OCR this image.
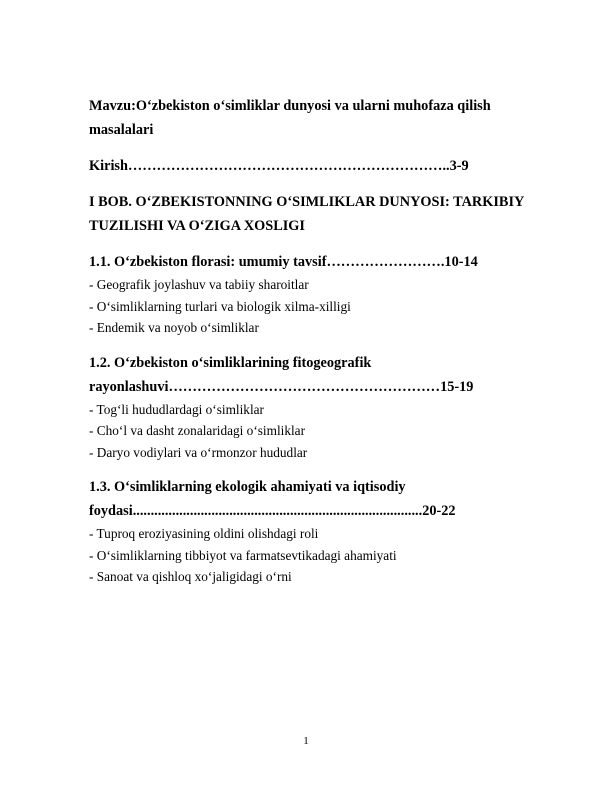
Mavzu:O‘zbekiston o‘simliklar dunyosi va ularni muhofaza qilish
masalalari

Kirish…………………………………………………………..3-9

I BOB. O‘ZBEKISTONNING O‘SIMLIKLAR DUNYOSI: TARKIBIY
TUZILISHI VA O‘ZIGA XOSLIGI

1.1. O‘zbekiston florasi: umumiy tavsif…………………….10-14

- Geografik joylashuv va tabiiy sharoitlar

- O‘simliklarning turlari va biologik xilma-xilligi

- Endemik va noyob o‘simliklar

1.2. O‘zbekiston o‘simliklarining fitogeografik
rayonlashuvi…………………………………………………15-19

- Tog‘li hududlardagi o‘simliklar

- Cho‘l va dasht zonalaridagi o‘simliklar

- Daryo vodiylari va o‘rmonzor hududlar

1.3. O‘simliklarning ekologik ahamiyati va iqtisodiy
foydasi.................................................................................20-22

- Tuproq eroziyasining oldini olishdagi roli

- O‘simliklarning tibbiyot va farmatsevtikadagi ahamiyati

- Sanoat va qishloq xo‘jaligidagi o‘rni

1
